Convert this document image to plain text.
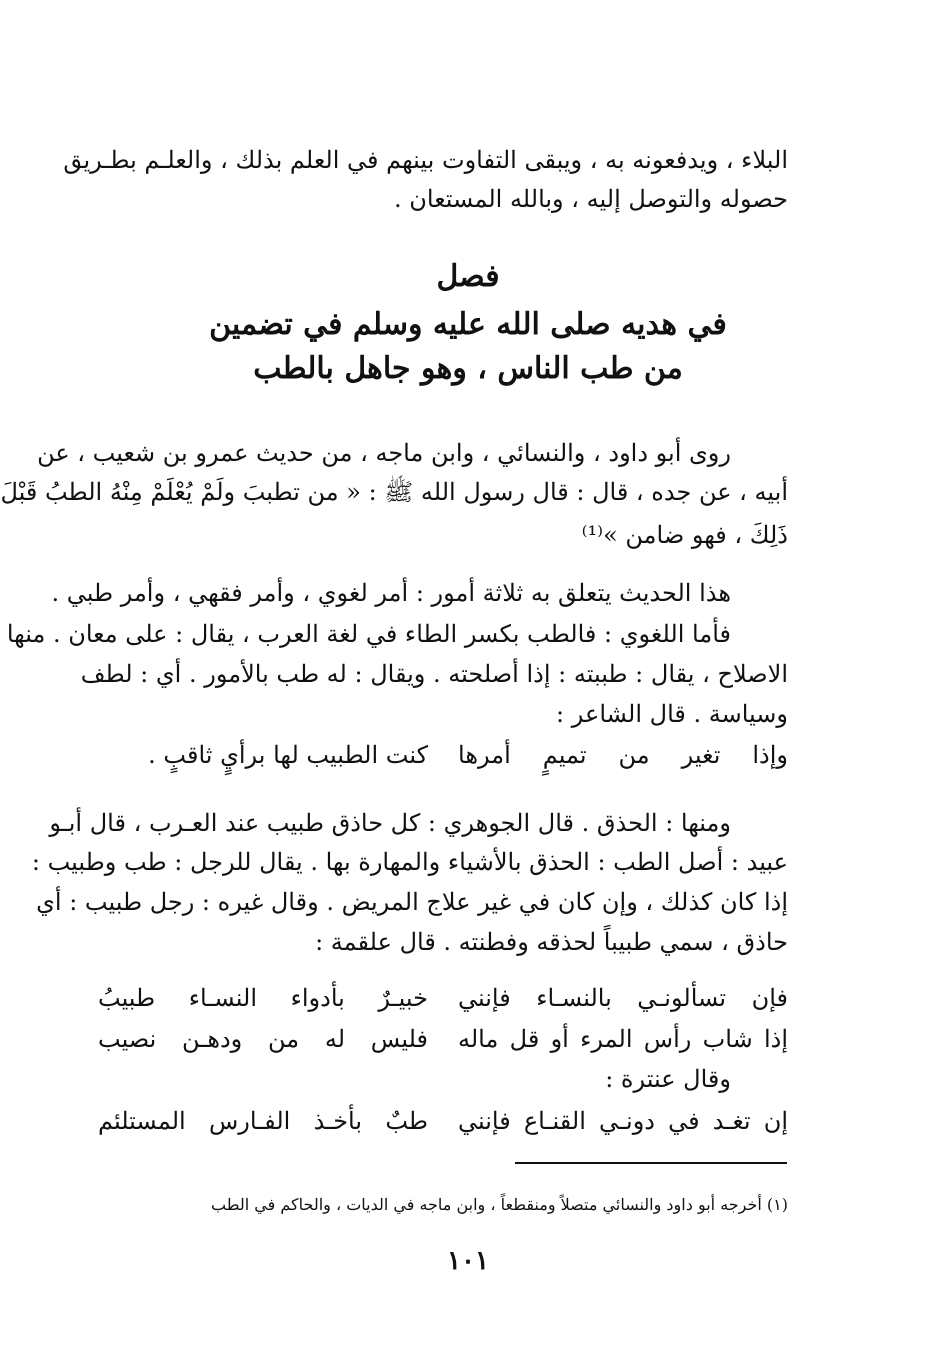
البلاء ، ويدفعونه به ، ويبقى التفاوت بينهم في العلم بذلك ، والعلـم بطـريق
حصوله والتوصل إليه ، وبالله المستعان .
فصل
في هديه صلى الله عليه وسلم في تضمين
من طب الناس ، وهو جاهل بالطب
روى أبو داود ، والنسائي ، وابن ماجه ، من حديث عمرو بن شعيب ، عن
أبيه ، عن جده ، قال : قال رسول الله ﷺ : « من تطببَ ولَمْ يُعْلَمْ مِنْهُ الطبُ قَبْلَ
ذَلِكَ ، فهو ضامن »⁽¹⁾
هذا الحديث يتعلق به ثلاثة أمور : أمر لغوي ، وأمر فقهي ، وأمر طبي .
فأما اللغوي : فالطب بكسر الطاء في لغة العرب ، يقال : على معان . منها
الاصلاح ، يقال : طببته : إذا أصلحته . ويقال : له طب بالأمور . أي : لطف
وسياسة . قال الشاعر :
وإذا تغير من تميمٍ أمرها
كنت الطبيب لها برأيٍ ثاقبٍ .
ومنها : الحذق . قال الجوهري : كل حاذق طبيب عند العـرب ، قال أبـو
عبيد : أصل الطب : الحذق بالأشياء والمهارة بها . يقال للرجل : طب وطبيب :
إذا كان كذلك ، وإن كان في غير علاج المريض . وقال غيره : رجل طبيب : أي
حاذق ، سمي طبيباً لحذقه وفطنته . قال علقمة :
فإن تسألونـي بالنسـاء فإنني
خبيـرٌ بأدواء النسـاء طبيبُ
إذا شاب رأس المرء أو قل ماله
فليس له من ودهـن نصيب
وقال عنترة :
إن تغـد في دونـي القنـاع فإنني
طبٌ بأخـذ الفـارس المستلئم
(١) أخرجه أبو داود والنسائي متصلاً ومنقطعاً ، وابن ماجه في الديات ، والحاكم في الطب
١٠١
